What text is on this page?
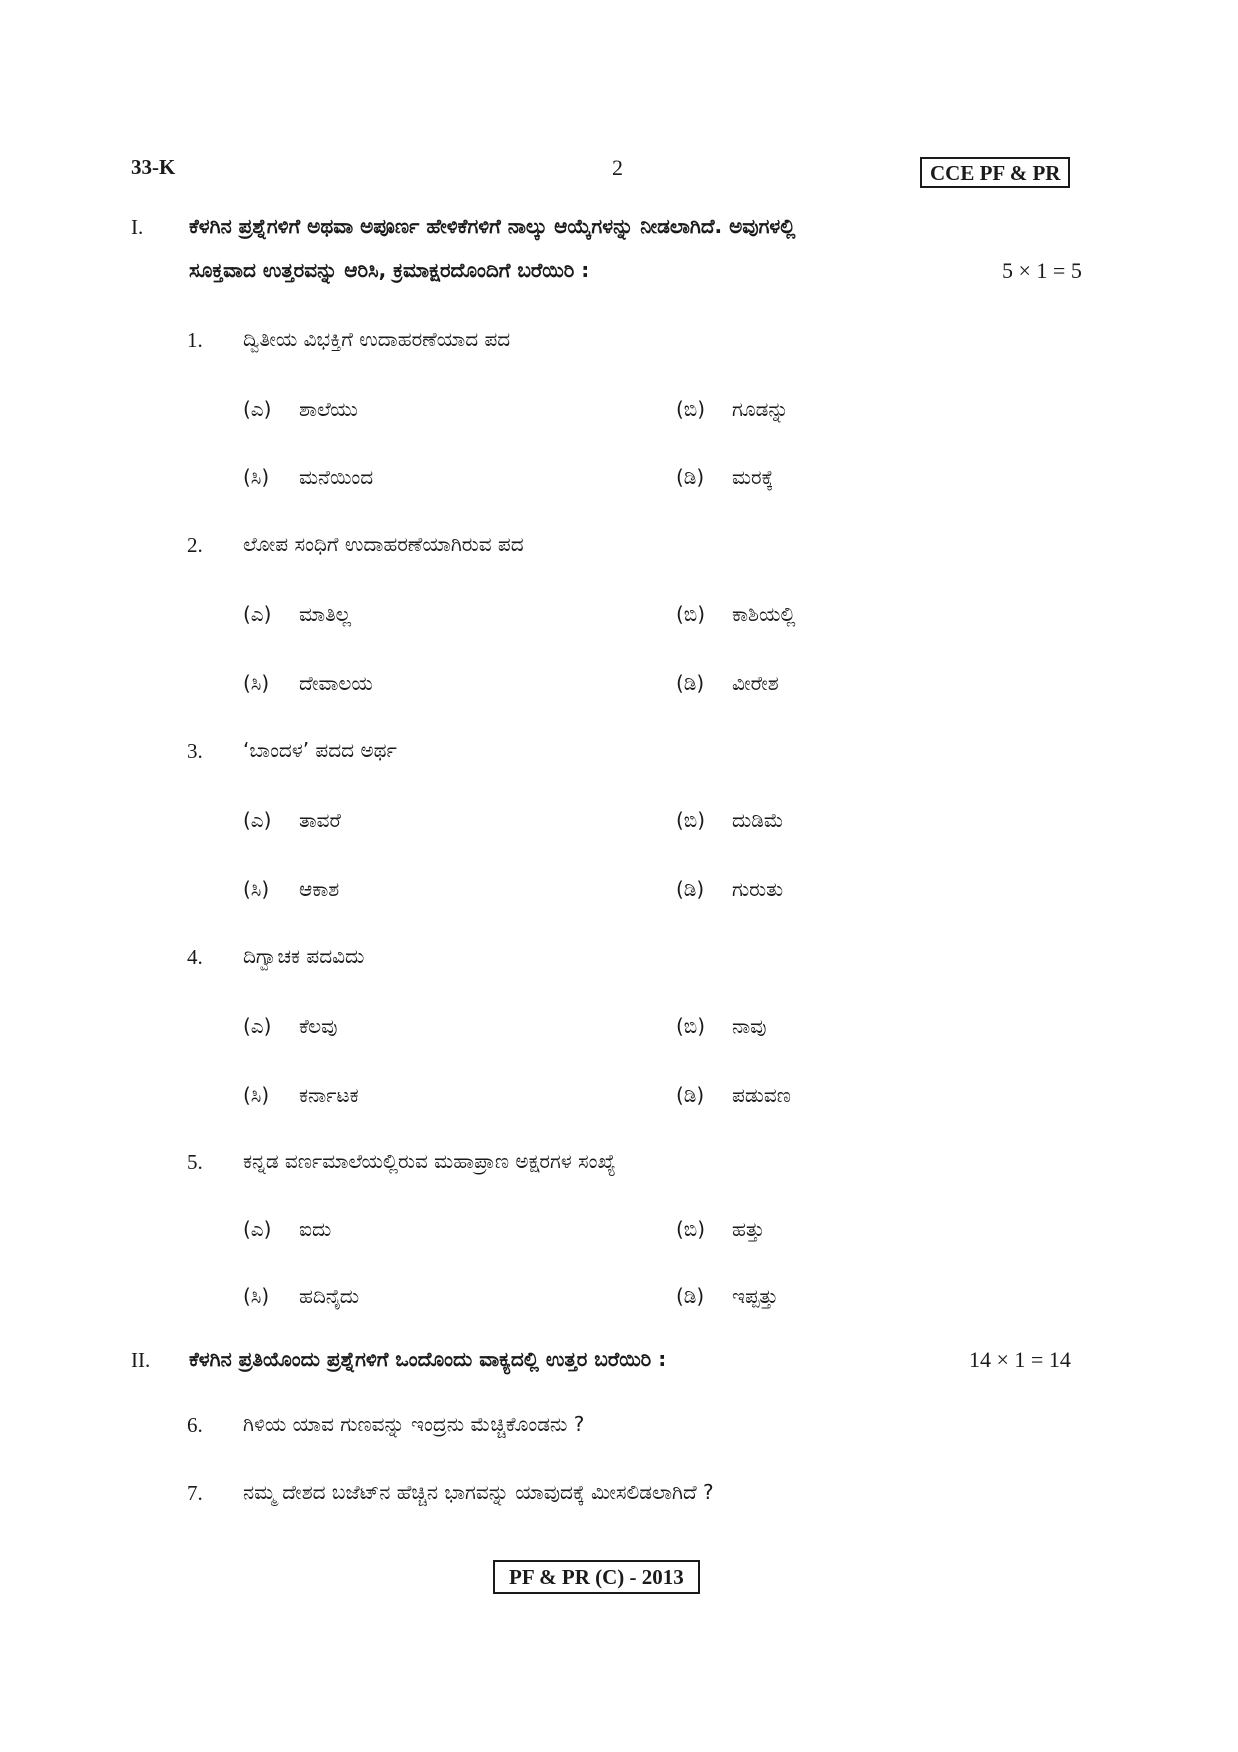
33-K	2	CCE PF & PR
I. ಕೆಳಗಿನ ಪ್ರಶ್ನೆಗಳಿಗೆ ಅಥವಾ ಅಪೂರ್ಣ ಹೇಳಿಕೆಗಳಿಗೆ ನಾಲ್ಕು ಆಯ್ಕೆಗಳನ್ನು ನೀಡಲಾಗಿದೆ. ಅವುಗಳಲ್ಲಿ
ಸೂಕ್ತವಾದ ಉತ್ತರವನ್ನು ಆರಿಸಿ, ಕ್ರಮಾಕ್ಷರದೊಂದಿಗೆ ಬರೆಯಿರಿ :	5 × 1 = 5
1. ದ್ವಿತೀಯ ವಿಭಕ್ತಿಗೆ ಉದಾಹರಣೆಯಾದ ಪದ
(ಎ) ಶಾಲೆಯು	(ಬಿ) ಗೂಡನ್ನು
(ಸಿ) ಮನೆಯಿಂದ	(ಡಿ) ಮರಕ್ಕೆ
2. ಲೋಪ ಸಂಧಿಗೆ ಉದಾಹರಣೆಯಾಗಿರುವ ಪದ
(ಎ) ಮಾತಿಲ್ಲ	(ಬಿ) ಕಾಶಿಯಲ್ಲಿ
(ಸಿ) ದೇವಾಲಯ	(ಡಿ) ವೀರೇಶ
3. ‘ಬಾಂದಳ’ ಪದದ ಅರ್ಥ
(ಎ) ತಾವರೆ	(ಬಿ) ದುಡಿಮೆ
(ಸಿ) ಆಕಾಶ	(ಡಿ) ಗುರುತು
4. ದಿಗ್ವಾಚಕ ಪದವಿದು
(ಎ) ಕೆಲವು	(ಬಿ) ನಾವು
(ಸಿ) ಕರ್ನಾಟಕ	(ಡಿ) ಪಡುವಣ
5. ಕನ್ನಡ ವರ್ಣಮಾಲೆಯಲ್ಲಿರುವ ಮಹಾಪ್ರಾಣ ಅಕ್ಷರಗಳ ಸಂಖ್ಯೆ
(ಎ) ಐದು	(ಬಿ) ಹತ್ತು
(ಸಿ) ಹದಿನೈದು	(ಡಿ) ಇಪ್ಪತ್ತು
II. ಕೆಳಗಿನ ಪ್ರತಿಯೊಂದು ಪ್ರಶ್ನೆಗಳಿಗೆ ಒಂದೊಂದು ವಾಕ್ಯದಲ್ಲಿ ಉತ್ತರ ಬರೆಯಿರಿ :	14 × 1 = 14
6. ಗಿಳಿಯ ಯಾವ ಗುಣವನ್ನು ಇಂದ್ರನು ಮೆಚ್ಚಿಕೊಂಡನು ?
7. ನಮ್ಮ ದೇಶದ ಬಜೆಟ್‌ನ ಹೆಚ್ಚಿನ ಭಾಗವನ್ನು ಯಾವುದಕ್ಕೆ ಮೀಸಲಿಡಲಾಗಿದೆ ?
PF & PR (C) - 2013
